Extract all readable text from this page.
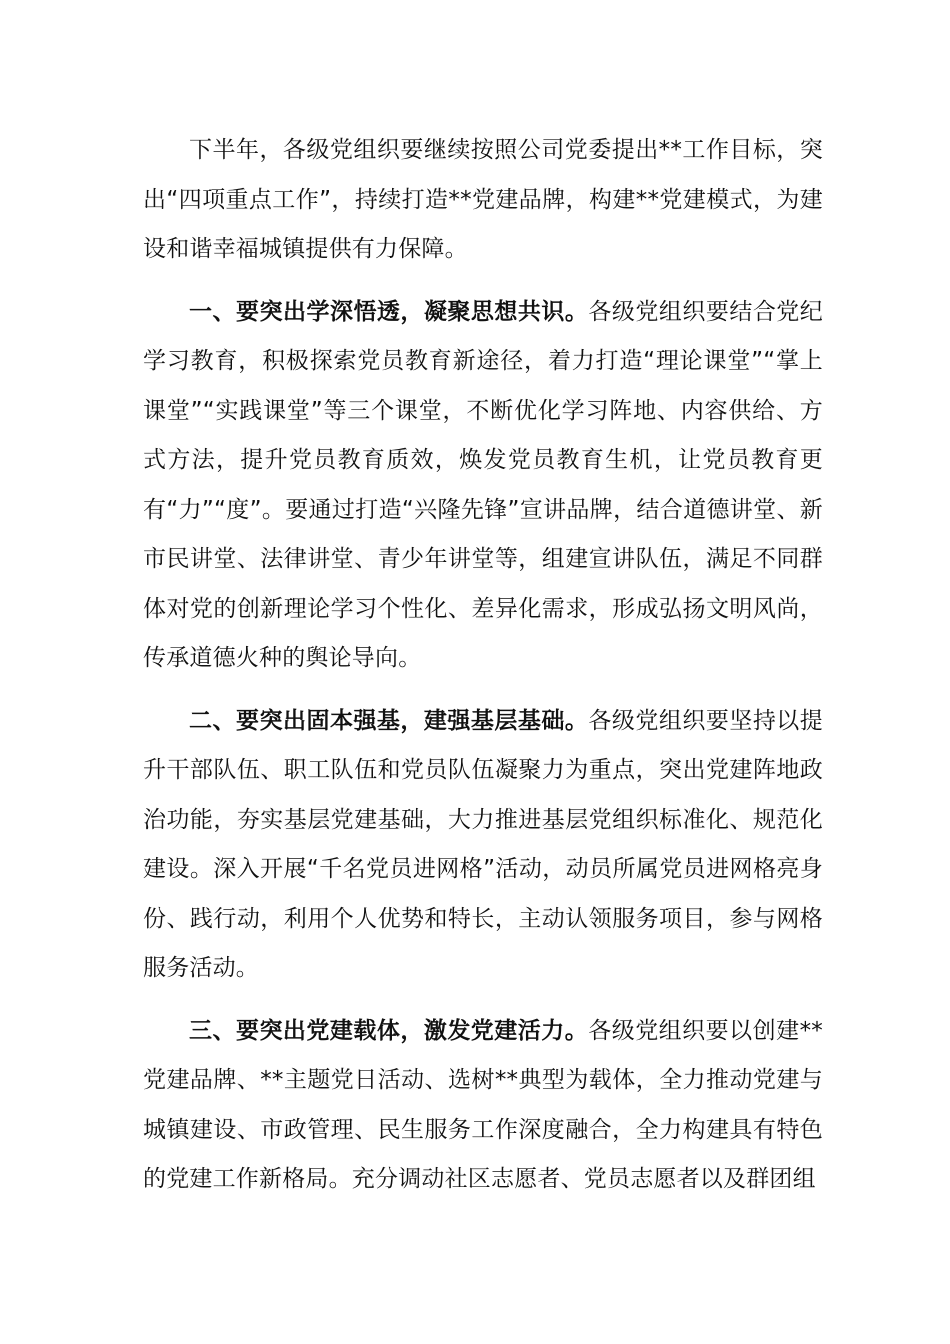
下半年，各级党组织要继续按照公司党委提出**工作目标，突出“四项重点工作”，持续打造**党建品牌，构建**党建模式，为建设和谐幸福城镇提供有力保障。

一、要突出学深悟透，凝聚思想共识。各级党组织要结合党纪学习教育，积极探索党员教育新途径，着力打造“理论课堂”“掌上课堂”“实践课堂”等三个课堂，不断优化学习阵地、内容供给、方式方法，提升党员教育质效，焕发党员教育生机，让党员教育更有“力”“度”。要通过打造“兴隆先锋”宣讲品牌，结合道德讲堂、新市民讲堂、法律讲堂、青少年讲堂等，组建宣讲队伍，满足不同群体对党的创新理论学习个性化、差异化需求，形成弘扬文明风尚，传承道德火种的舆论导向。

二、要突出固本强基，建强基层基础。各级党组织要坚持以提升干部队伍、职工队伍和党员队伍凝聚力为重点，突出党建阵地政治功能，夯实基层党建基础，大力推进基层党组织标准化、规范化建设。深入开展“千名党员进网格”活动，动员所属党员进网格亮身份、践行动，利用个人优势和特长，主动认领服务项目，参与网格服务活动。

三、要突出党建载体，激发党建活力。各级党组织要以创建**党建品牌、**主题党日活动、选树**典型为载体，全力推动党建与城镇建设、市政管理、民生服务工作深度融合，全力构建具有特色的党建工作新格局。充分调动社区志愿者、党员志愿者以及群团组
